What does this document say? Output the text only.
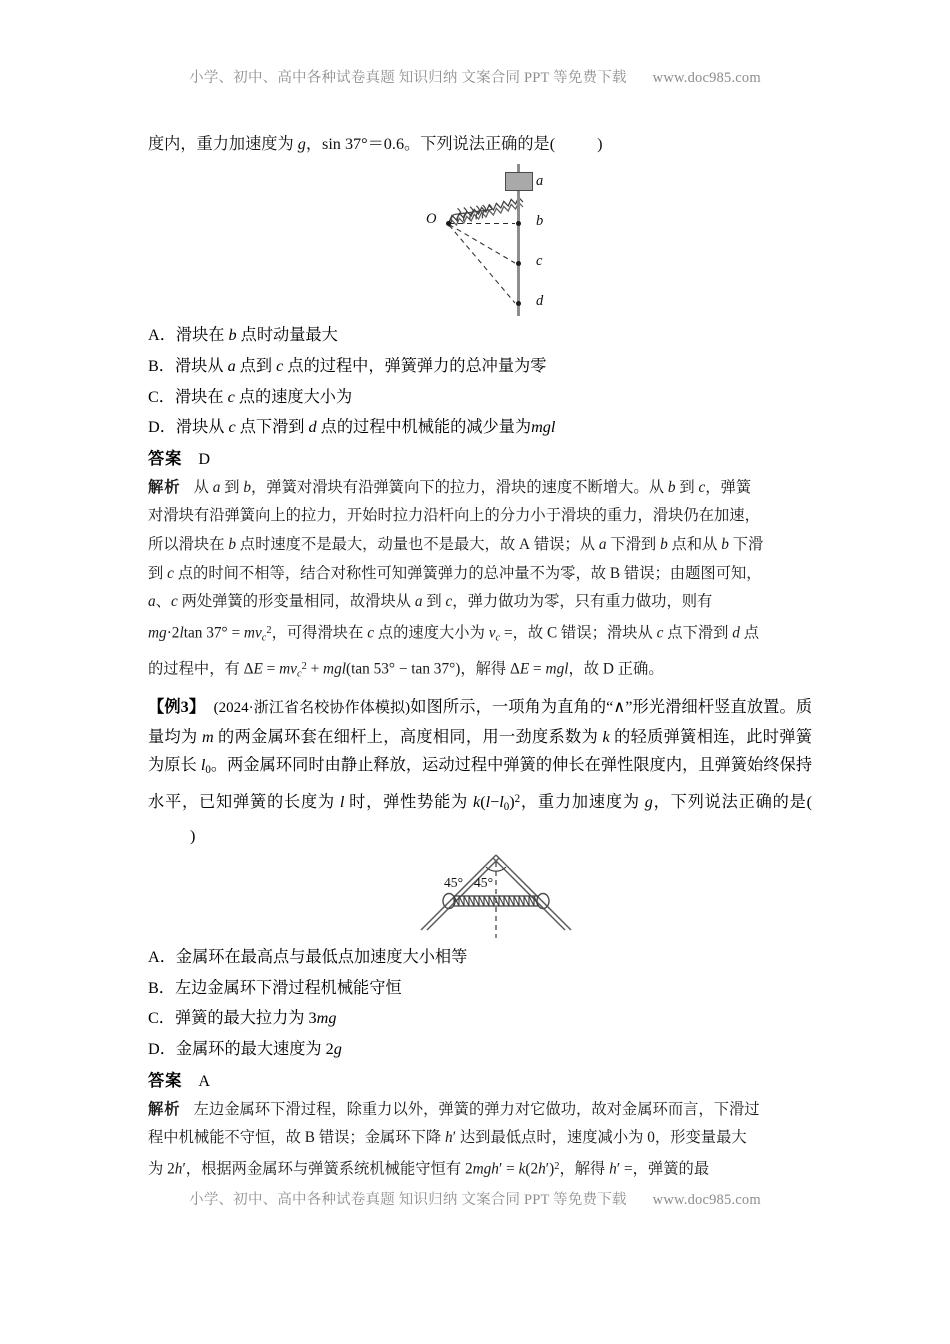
小学、初中、高中各种试卷真题 知识归纳 文案合同 PPT 等免费下载 www.doc985.com
度内，重力加速度为 g，sin 37°＝0.6。下列说法正确的是(	)
a
b
c
d
O
A．滑块在 b 点时动量最大
B．滑块从 a 点到 c 点的过程中，弹簧弹力的总冲量为零
C．滑块在 c 点的速度大小为
D．滑块从 c 点下滑到 d 点的过程中机械能的减少量为mgl
答案 D
解析 从 a 到 b，弹簧对滑块有沿弹簧向下的拉力，滑块的速度不断增大。从 b 到 c，弹簧
对滑块有沿弹簧向上的拉力，开始时拉力沿杆向上的分力小于滑块的重力，滑块仍在加速，
所以滑块在 b 点时速度不是最大，动量也不是最大，故 A 错误；从 a 下滑到 b 点和从 b 下滑
到 c 点的时间不相等，结合对称性可知弹簧弹力的总冲量不为零，故 B 错误；由题图可知，
a、c 两处弹簧的形变量相同，故滑块从 a 到 c，弹力做功为零，只有重力做功，则有
mg·2ltan $37^\circ = mv_c^2$，可得滑块在 c 点的速度大小为 $v_c$ =，故 C 错误；滑块从 c 点下滑到 d 点
的过程中，有 $\Delta E = mv_c^2 + mgl(\tan$ 53° − tan 37°)，解得 ΔE = mgl，故 D 正确。
【例3】 (2024·浙江省名校协作体模拟)如图所示，一项角为直角的“∧”形光滑细杆竖直放置。质量均为 m 的两金属环套在细杆上，高度相同，用一劲度系数为 k 的轻质弹簧相连，此时弹簧为原长 $l_0$。两金属环同时由静止释放，运动过程中弹簧的伸长在弹性限度内，且弹簧始终保持水平，已知弹簧的长度为 l 时，弹性势能为 $k(l-l_0)^2$，重力加速度为 g，下列说法正确的是()
45° 45°
A．金属环在最高点与最低点加速度大小相等
B．左边金属环下滑过程机械能守恒
C．弹簧的最大拉力为 3mg
D．金属环的最大速度为 2g
答案 A
解析 左边金属环下滑过程，除重力以外，弹簧的弹力对它做功，故对金属环而言，下滑过
程中机械能不守恒，故 B 错误；金属环下降 h′ 达到最低点时，速度减小为 0，形变量最大
为 2h′，根据两金属环与弹簧系统机械能守恒有 $2mgh' = k(2h')^2$，解得 h′ =，弹簧的最
小学、初中、高中各种试卷真题 知识归纳 文案合同 PPT 等免费下载 www.doc985.com
